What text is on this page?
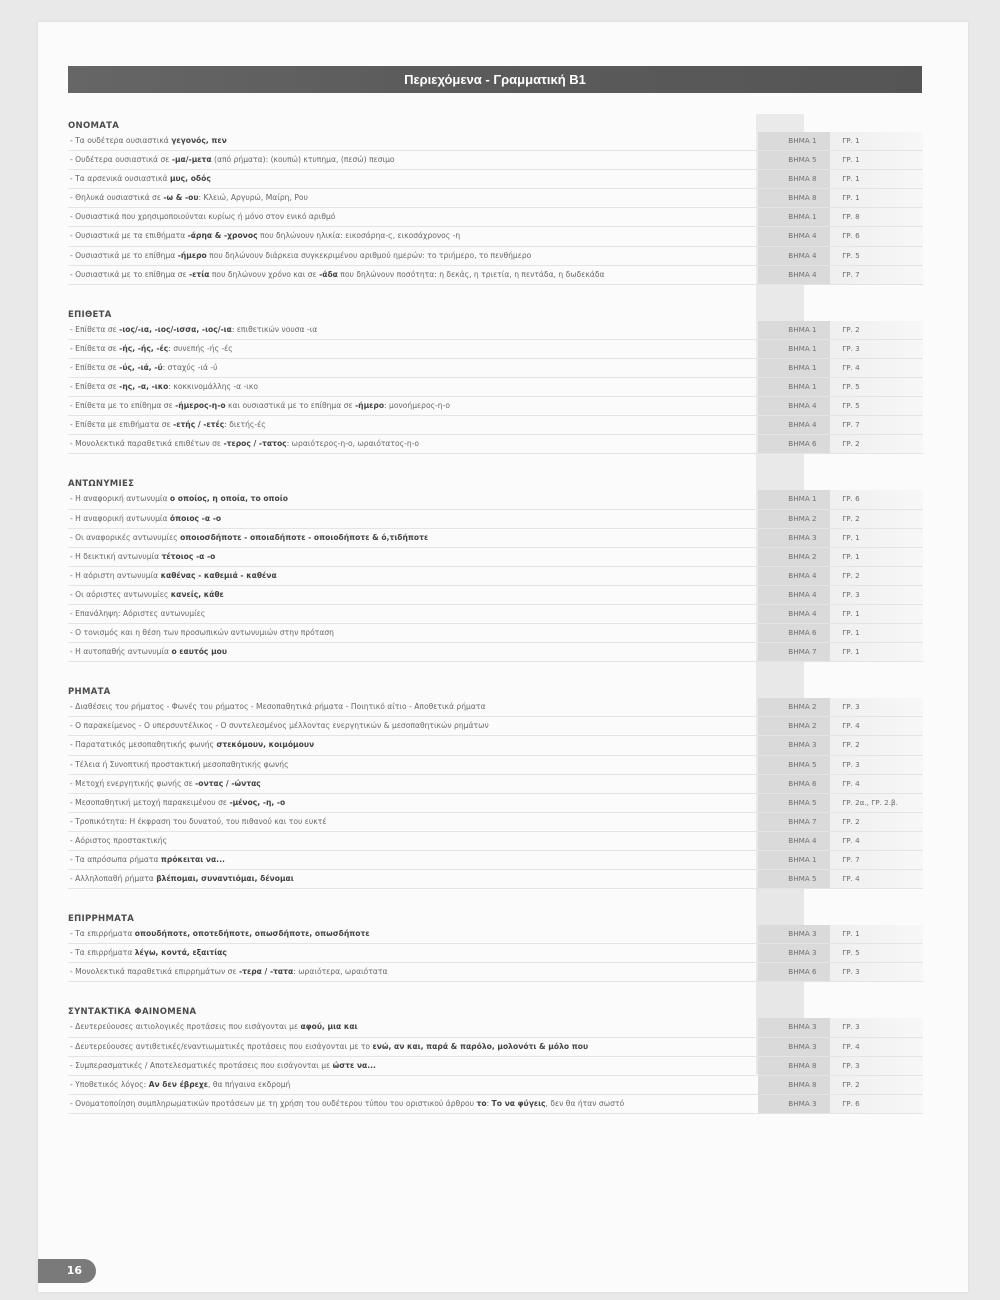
Περιεχόμενα - Γραμματική Β1
ΟΝΟΜΑΤΑ
- Τα ουδέτερα ουσιαστικά γεγονός, πεν	ΒΗΜΑ 1	ΓΡ. 1
- Ουδέτερα ουσιαστικά σε -μα/-μετα (από ρήματα): (κουπώ) κτυπημα, (πεσώ) πεσιμο	ΒΗΜΑ 5	ΓΡ. 1
- Τα αρσενικά ουσιαστικά μυς, οδός	ΒΗΜΑ 8	ΓΡ. 1
- Θηλυκά ουσιαστικά σε -ω & -ου: Κλειώ, Αργυρώ, Μαίρη, Ρου	ΒΗΜΑ 8	ΓΡ. 1
- Ουσιαστικά που χρησιμοποιούνται κυρίως ή μόνο στον ενικό αριθμό	ΒΗΜΑ 1	ΓΡ. 8
- Ουσιαστικά με τα επιθήματα -άρηα & -χρονος που δηλώνουν ηλικία: εικοσάρηα-ς, εικοσάχρονος -η	ΒΗΜΑ 4	ΓΡ. 6
- Ουσιαστικά με το επίθημα -ήμερο που δηλώνουν διάρκεια συγκεκριμένου αριθμού ημερών: το τριήμερο, το πενθήμερο	ΒΗΜΑ 4	ΓΡ. 5
- Ουσιαστικά με το επίθημα σε -ετία που δηλώνουν χρόνο και σε -άδα που δηλώνουν ποσότητα: η δεκάς, η τριετία, η πεντάδα, η δωδεκάδα	ΒΗΜΑ 4	ΓΡ. 7
ΕΠΙΘΕΤΑ
- Επίθετα σε -ιος/-ια, -ιος/-ισσα, -ιος/-ια: επιθετικών νουσα -ια	ΒΗΜΑ 1	ΓΡ. 2
- Επίθετα σε -ής, -ής, -ές: συνεπής -ής -ές	ΒΗΜΑ 1	ΓΡ. 3
- Επίθετα σε -ύς, -ιά, -ύ: σταχύς -ιά -ύ	ΒΗΜΑ 1	ΓΡ. 4
- Επίθετα σε -ης, -α, -ικο: κοκκινομάλλης -α -ικο	ΒΗΜΑ 1	ΓΡ. 5
- Επίθετα με το επίθημα σε -ήμερος-η-ο και ουσιαστικά με το επίθημα σε -ήμερο: μονοήμερος-η-ο	ΒΗΜΑ 4	ΓΡ. 5
- Επίθετα με επιθήματα σε -ετής / -ετές: διετής-ές	ΒΗΜΑ 4	ΓΡ. 7
- Μονολεκτικά παραθετικά επιθέτων σε -τερος / -τατος: ωραιότερος-η-ο, ωραιότατος-η-ο	ΒΗΜΑ 6	ΓΡ. 2
ΑΝΤΩΝΥΜΙΕΣ
- Η αναφορική αντωνυμία ο οποίος, η οποία, το οποίο	ΒΗΜΑ 1	ΓΡ. 6
- Η αναφορική αντωνυμία όποιος -α -ο	ΒΗΜΑ 2	ΓΡ. 2
- Οι αναφορικές αντωνυμίες οποιοσδήποτε - οποιαδήποτε - οποιοδήποτε & ό,τιδήποτε	ΒΗΜΑ 3	ΓΡ. 1
- Η δεικτική αντωνυμία τέτοιος -α -ο	ΒΗΜΑ 2	ΓΡ. 1
- Η αόριστη αντωνυμία καθένας - καθεμιά - καθένα	ΒΗΜΑ 4	ΓΡ. 2
- Οι αόριστες αντωνυμίες κανείς, κάθε	ΒΗΜΑ 4	ΓΡ. 3
- Επανάληψη: Αόριστες αντωνυμίες	ΒΗΜΑ 4	ΓΡ. 1
- Ο τονισμός και η θέση των προσωπικών αντωνυμιών στην πρόταση	ΒΗΜΑ 6	ΓΡ. 1
- Η αυτοπαθής αντωνυμία ο εαυτός μου	ΒΗΜΑ 7	ΓΡ. 1
ΡΗΜΑΤΑ
- Διαθέσεις του ρήματος - Φωνές του ρήματος - Μεσοπαθητικά ρήματα - Ποιητικό αίτιο - Αποθετικά ρήματα	ΒΗΜΑ 2	ΓΡ. 3
- Ο παρακείμενος - Ο υπερσυντέλικος - Ο συντελεσμένος μέλλοντας ενεργητικών & μεσοπαθητικών ρημάτων	ΒΗΜΑ 2	ΓΡ. 4
- Παρατατικός μεσοπαθητικής φωνής στεκόμουν, κοιμόμουν	ΒΗΜΑ 3	ΓΡ. 2
- Τέλεια ή Συνοπτική προστακτική μεσοπαθητικής φωνής	ΒΗΜΑ 5	ΓΡ. 3
- Μετοχή ενεργητικής φωνής σε -οντας / -ώντας	ΒΗΜΑ 6	ΓΡ. 4
- Μεσοπαθητική μετοχή παρακειμένου σε -μένος, -η, -ο	ΒΗΜΑ 5	ΓΡ. 2α., ΓΡ. 2.β.
- Τροπικότητα: Η έκφραση του δυνατού, του πιθανού και του ευκτέ	ΒΗΜΑ 7	ΓΡ. 2
- Αόριστος προστακτικής	ΒΗΜΑ 4	ΓΡ. 4
- Τα απρόσωπα ρήματα πρόκειται να...	ΒΗΜΑ 1	ΓΡ. 7
- Αλληλοπαθή ρήματα βλέπομαι, συναντιόμαι, δένομαι	ΒΗΜΑ 5	ΓΡ. 4
ΕΠΙΡΡΗΜΑΤΑ
- Τα επιρρήματα οπουδήποτε, οποτεδήποτε, οπωσδήποτε, οπωσδήποτε	ΒΗΜΑ 3	ΓΡ. 1
- Τα επιρρήματα λέγω, κοντά, εξαιτίας	ΒΗΜΑ 3	ΓΡ. 5
- Μονολεκτικά παραθετικά επιρρημάτων σε -τερα / -τατα: ωραιότερα, ωραιότατα	ΒΗΜΑ 6	ΓΡ. 3
ΣΥΝΤΑΚΤΙΚΑ ΦΑΙΝΟΜΕΝΑ
- Δευτερεύουσες αιτιολογικές προτάσεις που εισάγονται με αφού, μια και	ΒΗΜΑ 3	ΓΡ. 3
- Δευτερεύουσες αντιθετικές/εναντιωματικές προτάσεις που εισάγονται με το ενώ, αν και, παρά & παρόλο, μολονότι & μόλο που	ΒΗΜΑ 3	ΓΡ. 4
- Συμπερασματικές / Αποτελεσματικές προτάσεις που εισάγονται με ώστε να...	ΒΗΜΑ 8	ΓΡ. 3
- Υποθετικός λόγος: Αν δεν έβρεχε, θα πήγαινα εκδρομή	ΒΗΜΑ 8	ΓΡ. 2
- Ονοματοποίηση συμπληρωματικών προτάσεων με τη χρήση του ουδέτερου τύπου του οριστικού άρθρου το: Το να φύγεις, δεν θα ήταν σωστό	ΒΗΜΑ 3	ΓΡ. 6
16
